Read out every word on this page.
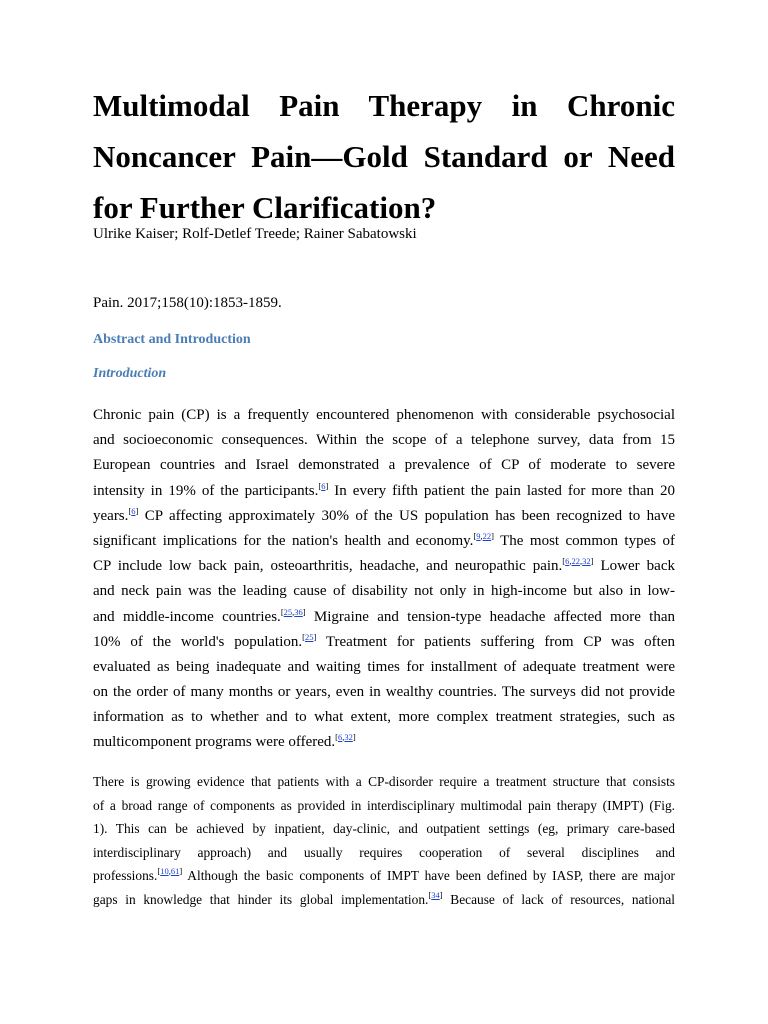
Multimodal Pain Therapy in Chronic
Noncancer Pain—Gold Standard or Need
for Further Clarification?

Ulrike Kaiser; Rolf-Detlef Treede; Rainer Sabatowski

Pain. 2017;158(10):1853-1859.

Abstract and Introduction
Introduction
Chronic pain (CP) is a frequently encountered phenomenon with considerable psychosocial
and socioeconomic consequences. Within the scope of a telephone survey, data from 15
European countries and Israel demonstrated a prevalence of CP of moderate to severe
intensity in 19% of the participants.[6] In every fifth patient the pain lasted for more than 20
years.[6] CP affecting approximately 30% of the US population has been recognized to have
significant implications for the nation's health and economy.[9,22] The most common types of
CP include low back pain, osteoarthritis, headache, and neuropathic pain.[6,22,32] Lower back
and neck pain was the leading cause of disability not only in high-income but also in low-
and middle-income countries.[25,36] Migraine and tension-type headache affected more than
10% of the world's population.[25] Treatment for patients suffering from CP was often
evaluated as being inadequate and waiting times for installment of adequate treatment were
on the order of many months or years, even in wealthy countries. The surveys did not provide
information as to whether and to what extent, more complex treatment strategies, such as
multicomponent programs were offered.[6,32]
There is growing evidence that patients with a CP-disorder require a treatment structure that consists
of a broad range of components as provided in interdisciplinary multimodal pain therapy (IMPT) (Fig.
1). This can be achieved by inpatient, day-clinic, and outpatient settings (eg, primary care-based
interdisciplinary approach) and usually requires cooperation of several disciplines and
professions.[10,61] Although the basic components of IMPT have been defined by IASP, there are major
gaps in knowledge that hinder its global implementation.[34] Because of lack of resources, national
